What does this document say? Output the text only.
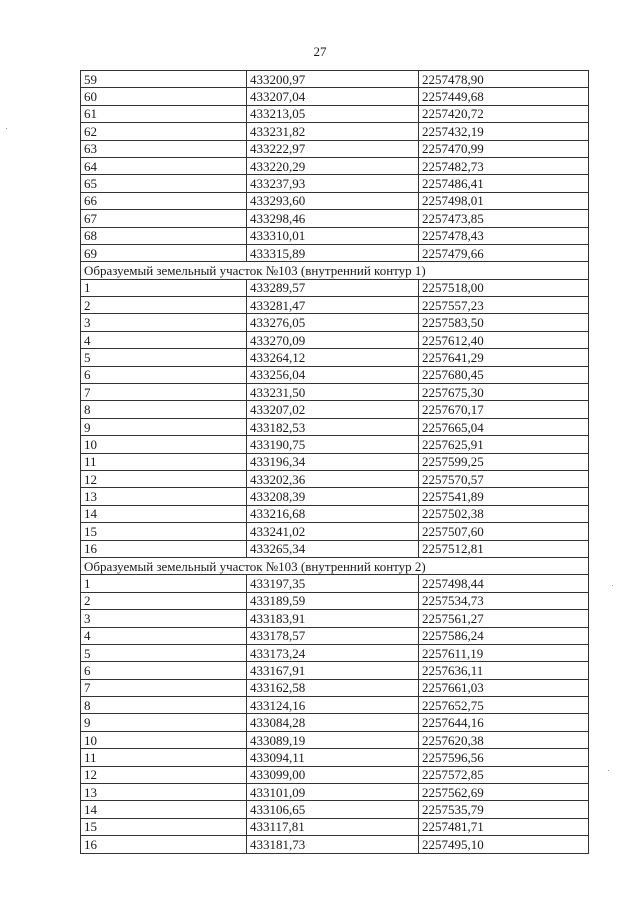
27
59	433200,97	2257478,90
60	433207,04	2257449,68
61	433213,05	2257420,72
62	433231,82	2257432,19
63	433222,97	2257470,99
64	433220,29	2257482,73
65	433237,93	2257486,41
66	433293,60	2257498,01
67	433298,46	2257473,85
68	433310,01	2257478,43
69	433315,89	2257479,66
Образуемый земельный участок №103 (внутренний контур 1)		
1	433289,57	2257518,00
2	433281,47	2257557,23
3	433276,05	2257583,50
4	433270,09	2257612,40
5	433264,12	2257641,29
6	433256,04	2257680,45
7	433231,50	2257675,30
8	433207,02	2257670,17
9	433182,53	2257665,04
10	433190,75	2257625,91
11	433196,34	2257599,25
12	433202,36	2257570,57
13	433208,39	2257541,89
14	433216,68	2257502,38
15	433241,02	2257507,60
16	433265,34	2257512,81
Образуемый земельный участок №103 (внутренний контур 2)		
1	433197,35	2257498,44
2	433189,59	2257534,73
3	433183,91	2257561,27
4	433178,57	2257586,24
5	433173,24	2257611,19
6	433167,91	2257636,11
7	433162,58	2257661,03
8	433124,16	2257652,75
9	433084,28	2257644,16
10	433089,19	2257620,38
11	433094,11	2257596,56
12	433099,00	2257572,85
13	433101,09	2257562,69
14	433106,65	2257535,79
15	433117,81	2257481,71
16	433181,73	2257495,10
